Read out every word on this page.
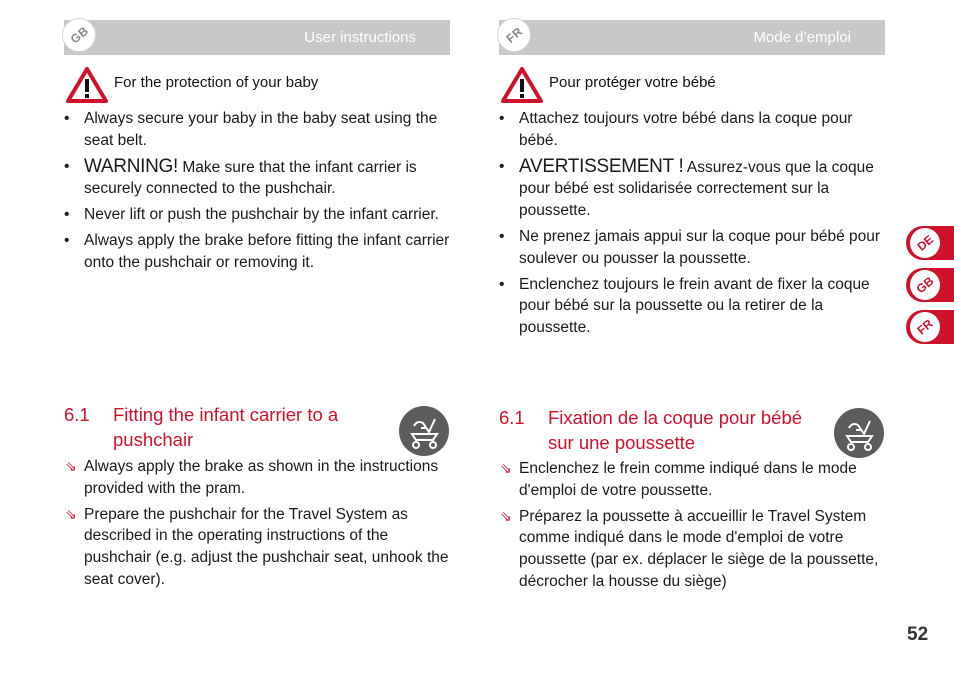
GB	User instructions
For the protection of your baby
• Always secure your baby in the baby seat using the seat belt.
• WARNING! Make sure that the infant carrier is securely connected to the pushchair.
• Never lift or push the pushchair by the infant carrier.
• Always apply the brake before fitting the infant carrier onto the pushchair or removing it.
6.1	Fitting the infant carrier to a pushchair
⇘ Always apply the brake as shown in the instructions provided with the pram.
⇘ Prepare the pushchair for the Travel System as described in the operating instructions of the pushchair (e.g. adjust the pushchair seat, unhook the seat cover).
FR	Mode d’emploi
Pour protéger votre bébé
• Attachez toujours votre bébé dans la coque pour bébé.
• AVERTISSEMENT ! Assurez-vous que la coque pour bébé est solidarisée correctement sur la poussette.
• Ne prenez jamais appui sur la coque pour bébé pour soulever ou pousser la poussette.
• Enclenchez toujours le frein avant de fixer la coque pour bébé sur la poussette ou la retirer de la poussette.
6.1	Fixation de la coque pour bébé sur une poussette
⇘ Enclenchez le frein comme indiqué dans le mode d'emploi de votre poussette.
⇘ Préparez la poussette à accueillir le Travel System comme indiqué dans le mode d'emploi de votre poussette (par ex. déplacer le siège de la poussette, décrocher la housse du siège)
DE
GB
FR
52
